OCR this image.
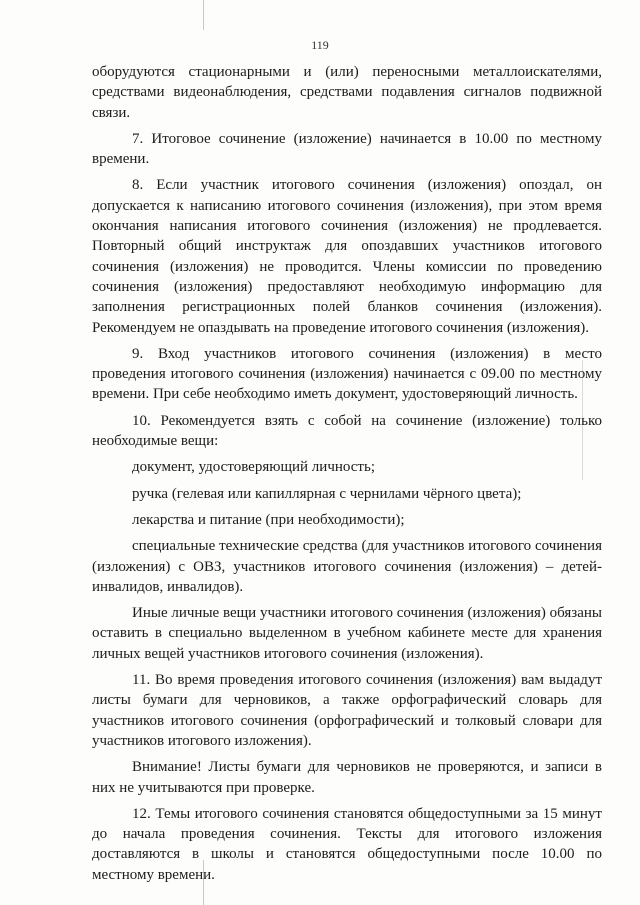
119

оборудуются стационарными и (или) переносными металлоискателями, средствами видеонаблюдения, средствами подавления сигналов подвижной связи.

7. Итоговое сочинение (изложение) начинается в 10.00 по местному времени.

8. Если участник итогового сочинения (изложения) опоздал, он допускается к написанию итогового сочинения (изложения), при этом время окончания написания итогового сочинения (изложения) не продлевается. Повторный общий инструктаж для опоздавших участников итогового сочинения (изложения) не проводится. Члены комиссии по проведению сочинения (изложения) предоставляют необходимую информацию для заполнения регистрационных полей бланков сочинения (изложения). Рекомендуем не опаздывать на проведение итогового сочинения (изложения).

9. Вход участников итогового сочинения (изложения) в место проведения итогового сочинения (изложения) начинается с 09.00 по местному времени. При себе необходимо иметь документ, удостоверяющий личность.

10. Рекомендуется взять с собой на сочинение (изложение) только необходимые вещи:

документ, удостоверяющий личность;

ручка (гелевая или капиллярная с чернилами чёрного цвета);

лекарства и питание (при необходимости);

специальные технические средства (для участников итогового сочинения (изложения) с ОВЗ, участников итогового сочинения (изложения) – детей-инвалидов, инвалидов).

Иные личные вещи участники итогового сочинения (изложения) обязаны оставить в специально выделенном в учебном кабинете месте для хранения личных вещей участников итогового сочинения (изложения).

11. Во время проведения итогового сочинения (изложения) вам выдадут листы бумаги для черновиков, а также орфографический словарь для участников итогового сочинения (орфографический и толковый словари для участников итогового изложения).

Внимание! Листы бумаги для черновиков не проверяются, и записи в них не учитываются при проверке.

12. Темы итогового сочинения становятся общедоступными за 15 минут до начала проведения сочинения. Тексты для итогового изложения доставляются в школы и становятся общедоступными после 10.00 по местному времени.
